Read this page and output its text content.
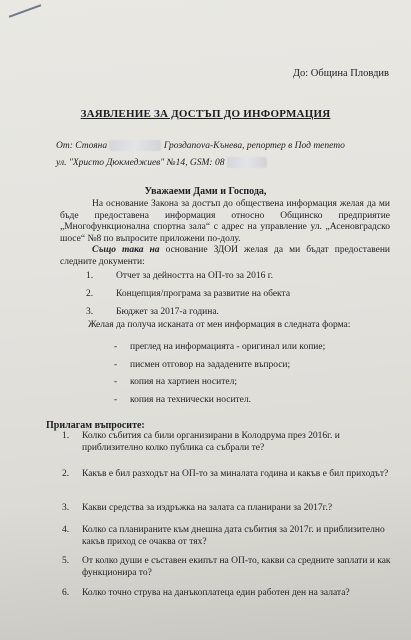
До: Община Пловдив
ЗАЯВЛЕНИЕ ЗА ДОСТЪП ДО ИНФОРМАЦИЯ
От: Стояна	Гроздanova-Кънева, репортер в Под тепето
ул. "Христо Дюкмеджиев" №14, GSM: 08
Уважаеми Дами и Господа,

На основание Закона за достъп до обществена информация желая да ми бъде предоставена информация относно Общинско предприятие „Многофункционална спортна зала“ с адрес на управление ул. „Асеновградско шосе“ №8 по въпросите приложени по-долу.

Също така на основание ЗДОИ желая да ми бъдат предоставени следните документи:

1.	Отчет за дейността на ОП-то за 2016 г.
2.	Концепция/програма за развитие на обекта
3.	Бюджет за 2017-a година.
Желая да получа исканата от мен информация в следната форма:
-	преглед на информацията - оригинал или копие;
-	писмен отговор на зададените въпроси;
-	копия на хартиен носител;
-	копия на технически носител.
Прилагам въпросите:
1.	Колко събития са били организирани в Колодрума през 2016г. и приблизително колко публика са събрали те?
2.	Какъв е бил разходът на ОП-то за миналата година и какъв е бил приходът?
3.	Какви средства за издръжка на залата са планирани за 2017г.?
4.	Колко са планираните към днешна дата събития за 2017г. и приблизително какъв приход се очаква от тях?
5.	От колко души е съставен екипът на ОП-то, какви са средните заплати и как функционира то?
6.	Колко точно струва на данъкоплатеца един работен ден на залата?
